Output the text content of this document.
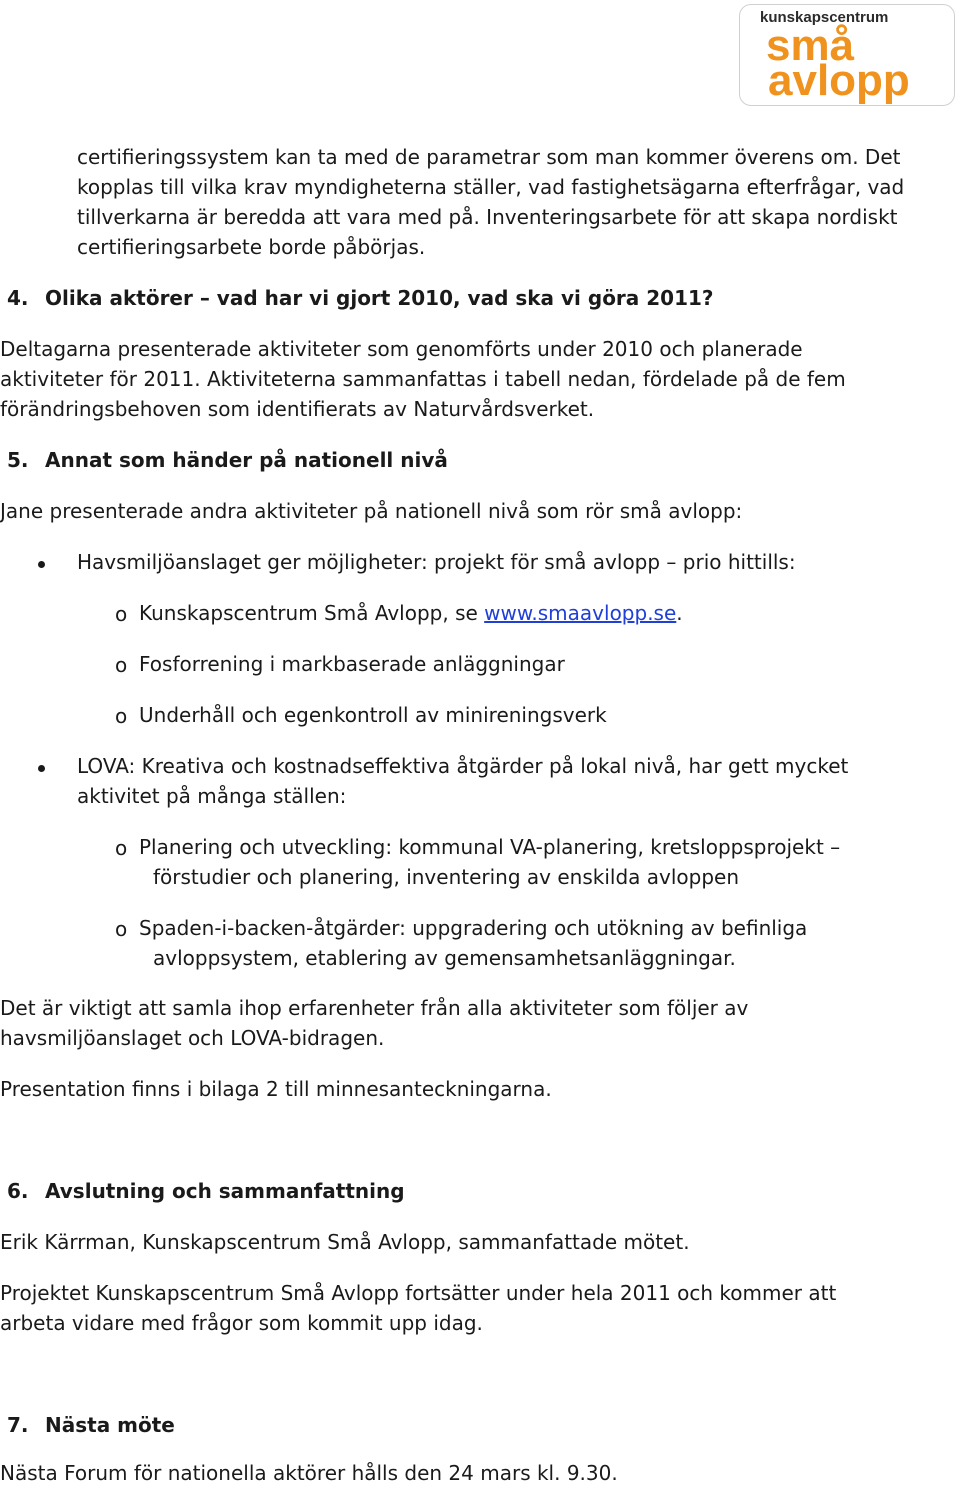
kunskapscentrum
små
avlopp

certifieringssystem kan ta med de parametrar som man kommer överens om. Det

kopplas till vilka krav myndigheterna ställer, vad fastighetsägarna efterfrågar, vad

tillverkarna är beredda att vara med på. Inventeringsarbete för att skapa nordiskt

certifieringsarbete borde påbörjas.

4. Olika aktörer – vad har vi gjort 2010, vad ska vi göra 2011?

Deltagarna presenterade aktiviteter som genomförts under 2010 och planerade

aktiviteter för 2011. Aktiviteterna sammanfattas i tabell nedan, fördelade på de fem

förändringsbehoven som identifierats av Naturvårdsverket.

5. Annat som händer på nationell nivå

Jane presenterade andra aktiviteter på nationell nivå som rör små avlopp:

Havsmiljöanslaget ger möjligheter: projekt för små avlopp – prio hittills:

o Kunskapscentrum Små Avlopp, se www.smaavlopp.se.

o Fosforrening i markbaserade anläggningar

o Underhåll och egenkontroll av minireningsverk

LOVA: Kreativa och kostnadseffektiva åtgärder på lokal nivå, har gett mycket

aktivitet på många ställen:

o Planering och utveckling: kommunal VA-planering, kretsloppsprojekt –

förstudier och planering, inventering av enskilda avloppen

o Spaden-i-backen-åtgärder: uppgradering och utökning av befinliga

avloppsystem, etablering av gemensamhetsanläggningar.

Det är viktigt att samla ihop erfarenheter från alla aktiviteter som följer av

havsmiljöanslaget och LOVA-bidragen.

Presentation finns i bilaga 2 till minnesanteckningarna.

6. Avslutning och sammanfattning

Erik Kärrman, Kunskapscentrum Små Avlopp, sammanfattade mötet.

Projektet Kunskapscentrum Små Avlopp fortsätter under hela 2011 och kommer att

arbeta vidare med frågor som kommit upp idag.

7. Nästa möte

Nästa Forum för nationella aktörer hålls den 24 mars kl. 9.30.
